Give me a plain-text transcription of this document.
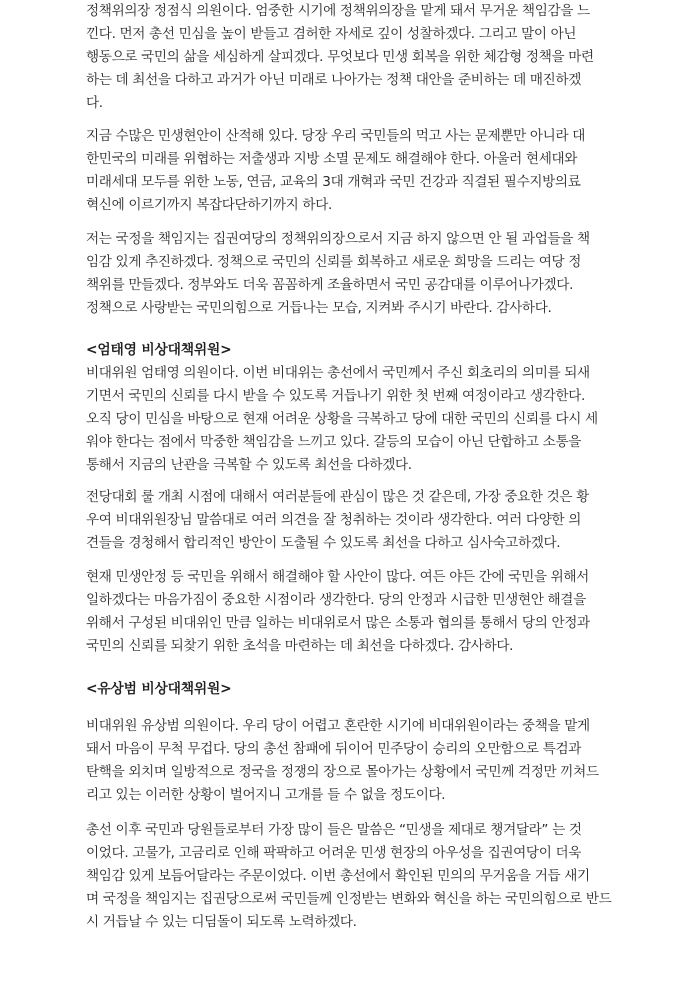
정책위의장 정점식 의원이다. 엄중한 시기에 정책위의장을 맡게 돼서 무거운 책임감을 느
낀다. 먼저 총선 민심을 높이 받들고 겸허한 자세로 깊이 성찰하겠다. 그리고 말이 아닌
행동으로 국민의 삶을 세심하게 살피겠다. 무엇보다 민생 회복을 위한 체감형 정책을 마련
하는 데 최선을 다하고 과거가 아닌 미래로 나아가는 정책 대안을 준비하는 데 매진하겠
다.
지금 수많은 민생현안이 산적해 있다. 당장 우리 국민들의 먹고 사는 문제뿐만 아니라 대
한민국의 미래를 위협하는 저출생과 지방 소멸 문제도 해결해야 한다. 아울러 현세대와
미래세대 모두를 위한 노동, 연금, 교육의 3대 개혁과 국민 건강과 직결된 필수지방의료
혁신에 이르기까지 복잡다단하기까지 하다.
저는 국정을 책임지는 집권여당의 정책위의장으로서 지금 하지 않으면 안 될 과업들을 책
임감 있게 추진하겠다. 정책으로 국민의 신뢰를 회복하고 새로운 희망을 드리는 여당 정
책위를 만들겠다. 정부와도 더욱 꼼꼼하게 조율하면서 국민 공감대를 이루어나가겠다.
정책으로 사랑받는 국민의힘으로 거듭나는 모습, 지켜봐 주시기 바란다. 감사하다.
<엄태영 비상대책위원>
비대위원 엄태영 의원이다. 이번 비대위는 총선에서 국민께서 주신 회초리의 의미를 되새
기면서 국민의 신뢰를 다시 받을 수 있도록 거듭나기 위한 첫 번째 여정이라고 생각한다.
오직 당이 민심을 바탕으로 현재 어려운 상황을 극복하고 당에 대한 국민의 신뢰를 다시 세
워야 한다는 점에서 막중한 책임감을 느끼고 있다. 갈등의 모습이 아닌 단합하고 소통을
통해서 지금의 난관을 극복할 수 있도록 최선을 다하겠다.
전당대회 룰 개최 시점에 대해서 여러분들에 관심이 많은 것 같은데, 가장 중요한 것은 황
우여 비대위원장님 말씀대로 여러 의견을 잘 청취하는 것이라 생각한다. 여러 다양한 의
견들을 경청해서 합리적인 방안이 도출될 수 있도록 최선을 다하고 심사숙고하겠다.
현재 민생안정 등 국민을 위해서 해결해야 할 사안이 많다. 여든 야든 간에 국민을 위해서
일하겠다는 마음가짐이 중요한 시점이라 생각한다. 당의 안정과 시급한 민생현안 해결을
위해서 구성된 비대위인 만큼 일하는 비대위로서 많은 소통과 협의를 통해서 당의 안정과
국민의 신뢰를 되찾기 위한 초석을 마련하는 데 최선을 다하겠다. 감사하다.
<유상범 비상대책위원>
비대위원 유상범 의원이다. 우리 당이 어렵고 혼란한 시기에 비대위원이라는 중책을 맡게
돼서 마음이 무척 무겁다. 당의 총선 참패에 뒤이어 민주당이 승리의 오만함으로 특검과
탄핵을 외치며 일방적으로 정국을 정쟁의 장으로 몰아가는 상황에서 국민께 걱정만 끼쳐드
리고 있는 이러한 상황이 벌어지니 고개를 들 수 없을 정도이다.
총선 이후 국민과 당원들로부터 가장 많이 들은 말씀은 “민생을 제대로 챙겨달라” 는 것
이었다. 고물가, 고금리로 인해 팍팍하고 어려운 민생 현장의 아우성을 집권여당이 더욱
책임감 있게 보듬어달라는 주문이었다. 이번 총선에서 확인된 민의의 무거움을 거듭 새기
며 국정을 책임지는 집권당으로써 국민들께 인정받는 변화와 혁신을 하는 국민의힘으로 반드
시 거듭날 수 있는 디딤돌이 되도록 노력하겠다.
